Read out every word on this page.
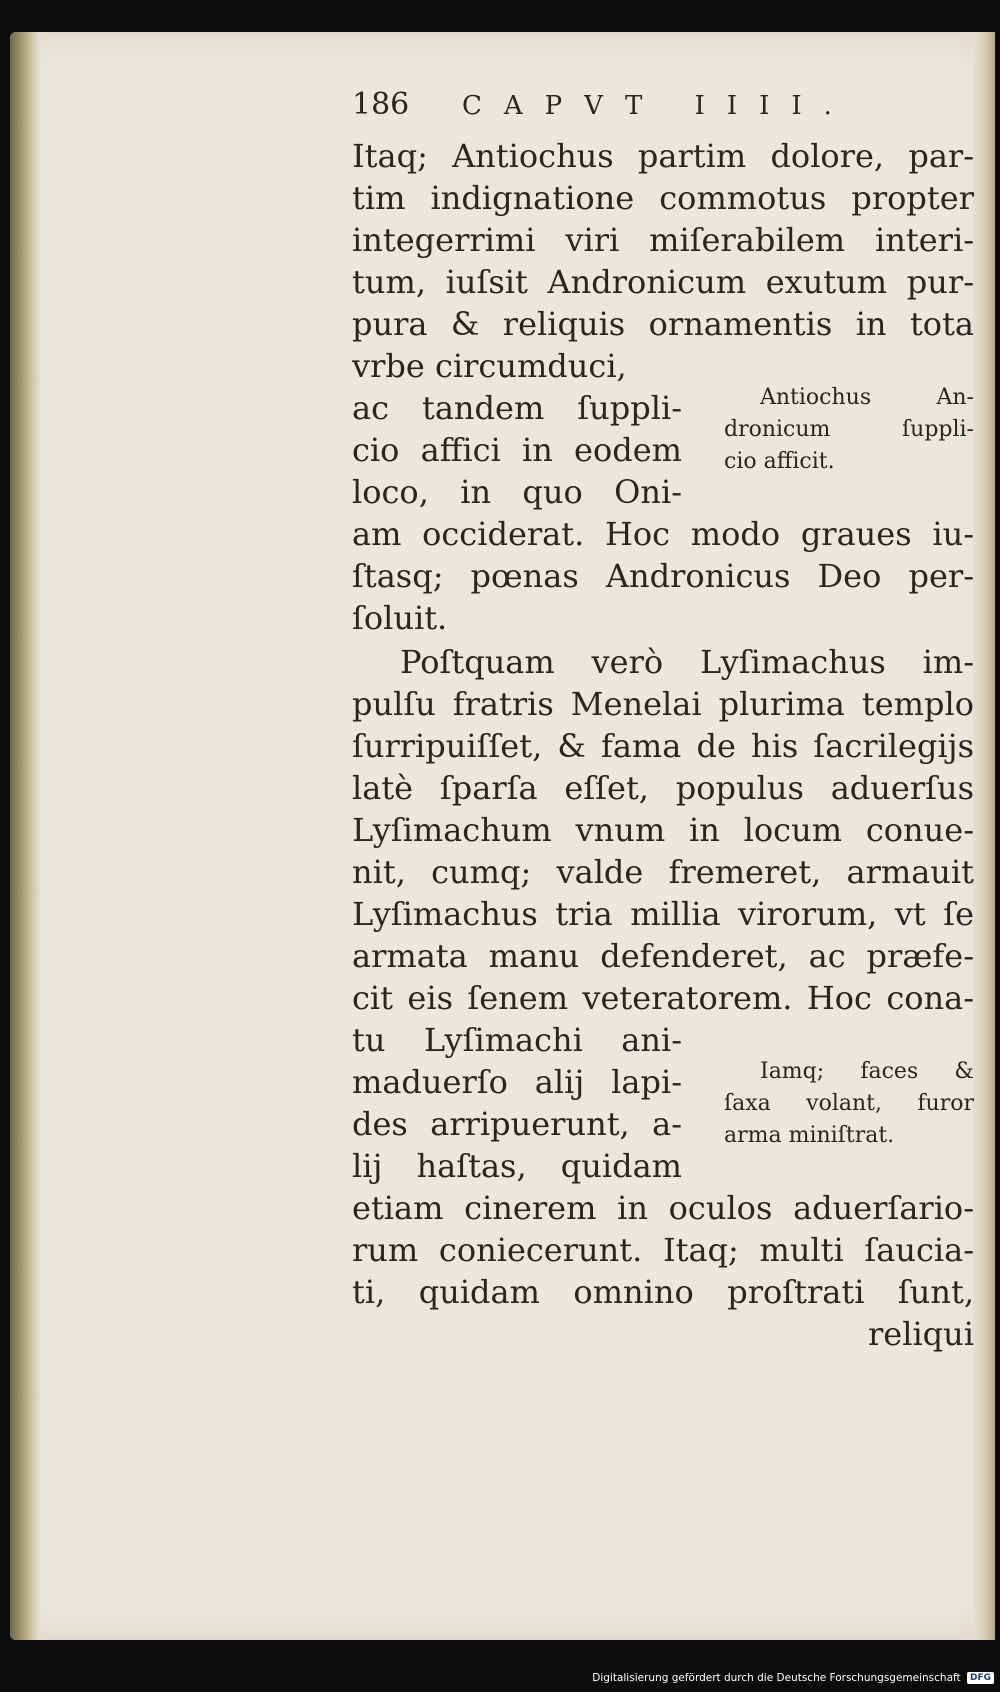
186 CAPVT IIII.
Itaq; Antiochus partim dolore, par-
tim indignatione commotus propter
integerrimi viri miſerabilem interi-
tum, iuſsit Andronicum exutum pur-
pura & reliquis ornamentis in tota
vrbe circumduci,
ac tandem ſuppli-
cio affici in eodem
loco, in quo Oni-
am occiderat. Hoc modo graues iu-
ſtasq; pœnas Andronicus Deo per-
ſoluit.
Poſtquam verò Lyſimachus im-
pulſu fratris Menelai plurima templo
ſurripuiſſet, & fama de his ſacrilegijs
latè ſparſa eſſet, populus aduerſus
Lyſimachum vnum in locum conue-
nit, cumq; valde fremeret, armauit
Lyſimachus tria millia virorum, vt ſe
armata manu defenderet, ac præfe-
cit eis ſenem veteratorem. Hoc cona-
tu Lyſimachi ani-
maduerſo alij lapi-
des arripuerunt, a-
lij haſtas, quidam
etiam cinerem in oculos aduerſario-
rum coniecerunt. Itaq; multi ſaucia-
ti, quidam omnino proſtrati ſunt,
reliqui
Antiochus An-
dronicum ſuppli-
cio afficit.
Iamq; faces &
ſaxa volant, furor
arma miniſtrat.
Digitalisierung gefördert durch die Deutsche Forschungsgemeinschaft DFG
